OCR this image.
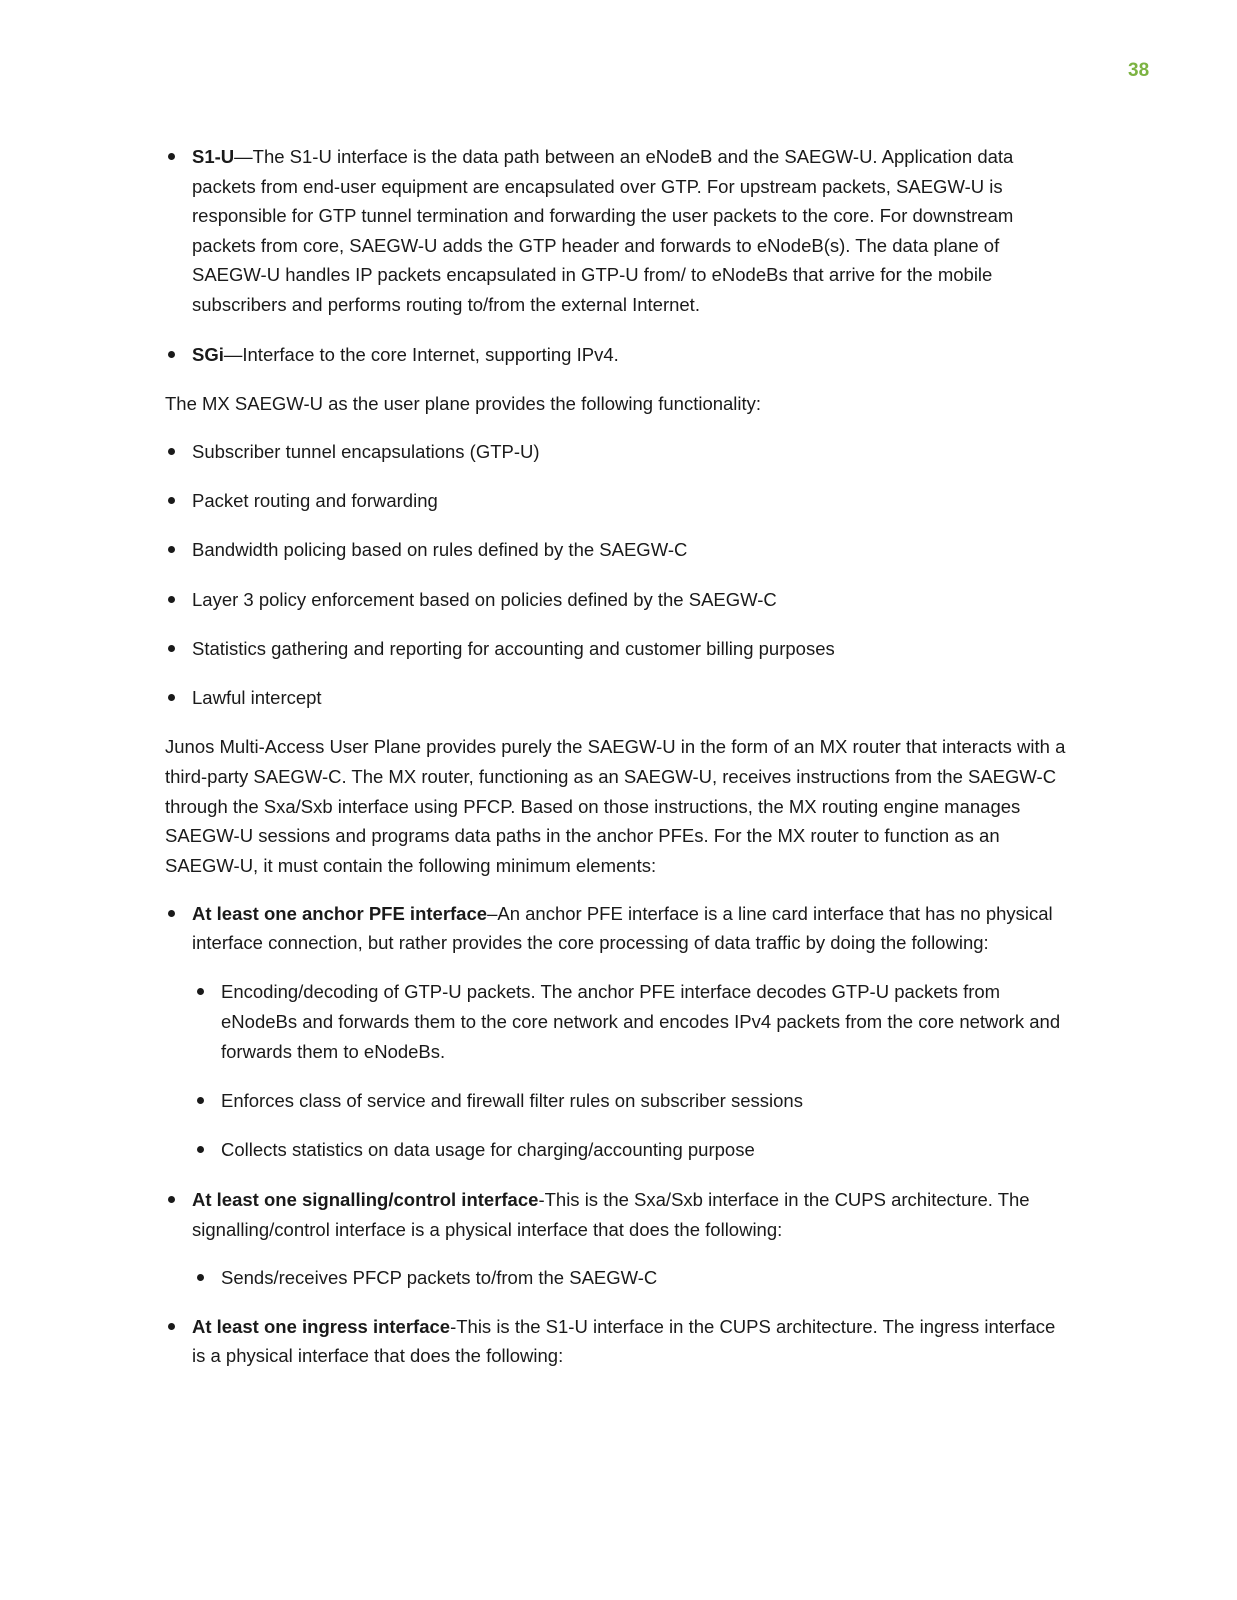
38
S1-U—The S1-U interface is the data path between an eNodeB and the SAEGW-U. Application data packets from end-user equipment are encapsulated over GTP. For upstream packets, SAEGW-U is responsible for GTP tunnel termination and forwarding the user packets to the core. For downstream packets from core, SAEGW-U adds the GTP header and forwards to eNodeB(s). The data plane of SAEGW-U handles IP packets encapsulated in GTP-U from/ to eNodeBs that arrive for the mobile subscribers and performs routing to/from the external Internet.
SGi—Interface to the core Internet, supporting IPv4.

The MX SAEGW-U as the user plane provides the following functionality:

Subscriber tunnel encapsulations (GTP-U)
Packet routing and forwarding
Bandwidth policing based on rules defined by the SAEGW-C
Layer 3 policy enforcement based on policies defined by the SAEGW-C
Statistics gathering and reporting for accounting and customer billing purposes
Lawful intercept

Junos Multi-Access User Plane provides purely the SAEGW-U in the form of an MX router that interacts with a third-party SAEGW-C. The MX router, functioning as an SAEGW-U, receives instructions from the SAEGW-C through the Sxa/Sxb interface using PFCP. Based on those instructions, the MX routing engine manages SAEGW-U sessions and programs data paths in the anchor PFEs. For the MX router to function as an SAEGW-U, it must contain the following minimum elements:

At least one anchor PFE interface–An anchor PFE interface is a line card interface that has no physical interface connection, but rather provides the core processing of data traffic by doing the following:
Encoding/decoding of GTP-U packets. The anchor PFE interface decodes GTP-U packets from eNodeBs and forwards them to the core network and encodes IPv4 packets from the core network and forwards them to eNodeBs.
Enforces class of service and firewall filter rules on subscriber sessions
Collects statistics on data usage for charging/accounting purpose
At least one signalling/control interface-This is the Sxa/Sxb interface in the CUPS architecture. The signalling/control interface is a physical interface that does the following:
Sends/receives PFCP packets to/from the SAEGW-C
At least one ingress interface-This is the S1-U interface in the CUPS architecture. The ingress interface is a physical interface that does the following:
